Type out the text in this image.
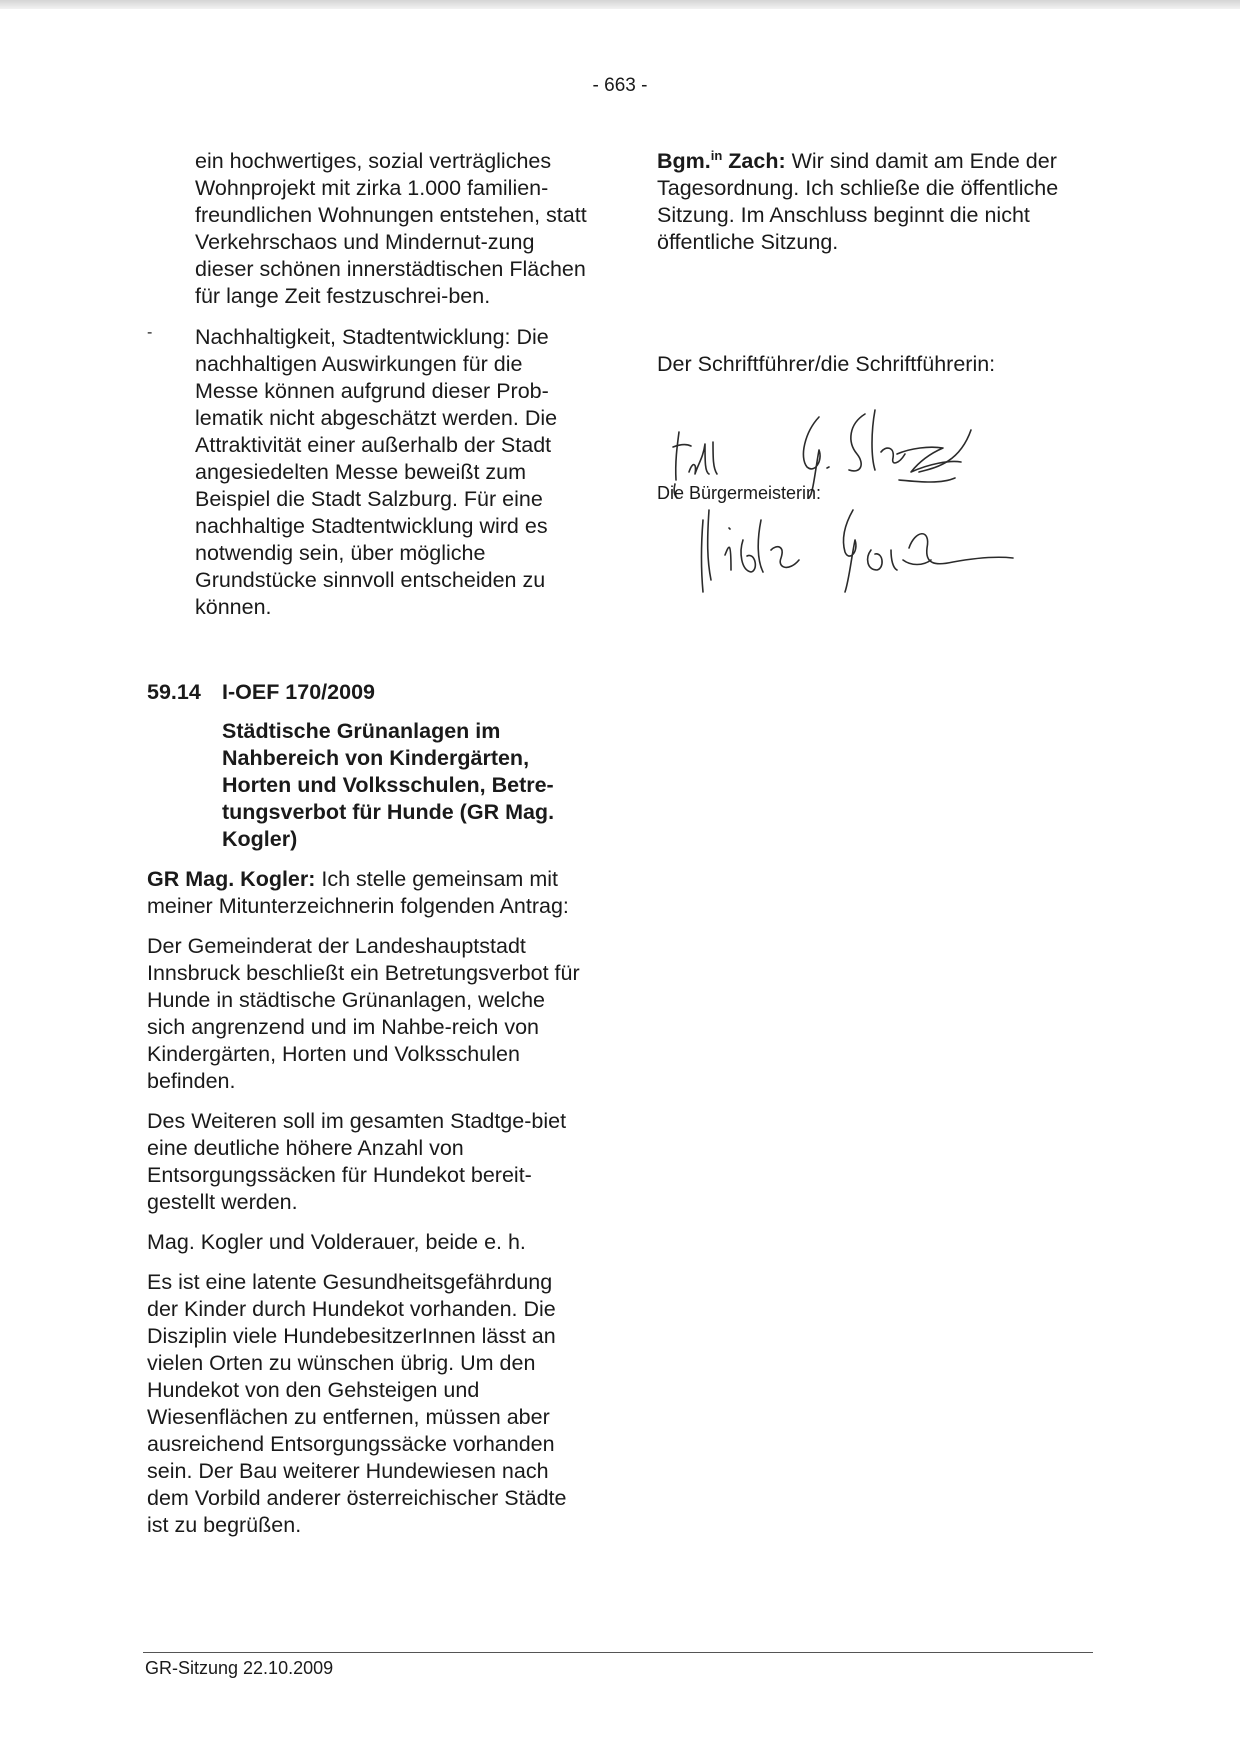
- 663 -

ein hochwertiges, sozial verträgliches Wohnprojekt mit zirka 1.000 familien-freundlichen Wohnungen entstehen, statt Verkehrschaos und Mindernut-zung dieser schönen innerstädtischen Flächen für lange Zeit festzuschrei-ben.

- Nachhaltigkeit, Stadtentwicklung: Die nachhaltigen Auswirkungen für die Messe können aufgrund dieser Prob-lematik nicht abgeschätzt werden. Die Attraktivität einer außerhalb der Stadt angesiedelten Messe beweißt zum Beispiel die Stadt Salzburg. Für eine nachhaltige Stadtentwicklung wird es notwendig sein, über mögliche Grundstücke sinnvoll entscheiden zu können.

59.14 I-OEF 170/2009

Städtische Grünanlagen im Nahbereich von Kindergärten, Horten und Volksschulen, Betre-tungsverbot für Hunde (GR Mag. Kogler)

GR Mag. Kogler: Ich stelle gemeinsam mit meiner Mitunterzeichnerin folgenden Antrag:

Der Gemeinderat der Landeshauptstadt Innsbruck beschließt ein Betretungsverbot für Hunde in städtische Grünanlagen, welche sich angrenzend und im Nahbe-reich von Kindergärten, Horten und Volksschulen befinden.

Des Weiteren soll im gesamten Stadtge-biet eine deutliche höhere Anzahl von Entsorgungssäcken für Hundekot bereit-gestellt werden.

Mag. Kogler und Volderauer, beide e. h.

Es ist eine latente Gesundheitsgefährdung der Kinder durch Hundekot vorhanden. Die Disziplin viele HundebesitzerInnen lässt an vielen Orten zu wünschen übrig. Um den Hundekot von den Gehsteigen und Wiesenflächen zu entfernen, müssen aber ausreichend Entsorgungssäcke vorhanden sein. Der Bau weiterer Hundewiesen nach dem Vorbild anderer österreichischer Städte ist zu begrüßen.

Bgm.$^{in}$ Zach: Wir sind damit am Ende der Tagesordnung. Ich schließe die öffentliche Sitzung. Im Anschluss beginnt die nicht öffentliche Sitzung.

Der Schriftführer/die Schriftführerin:

Die Bürgermeisterin:

GR-Sitzung 22.10.2009
